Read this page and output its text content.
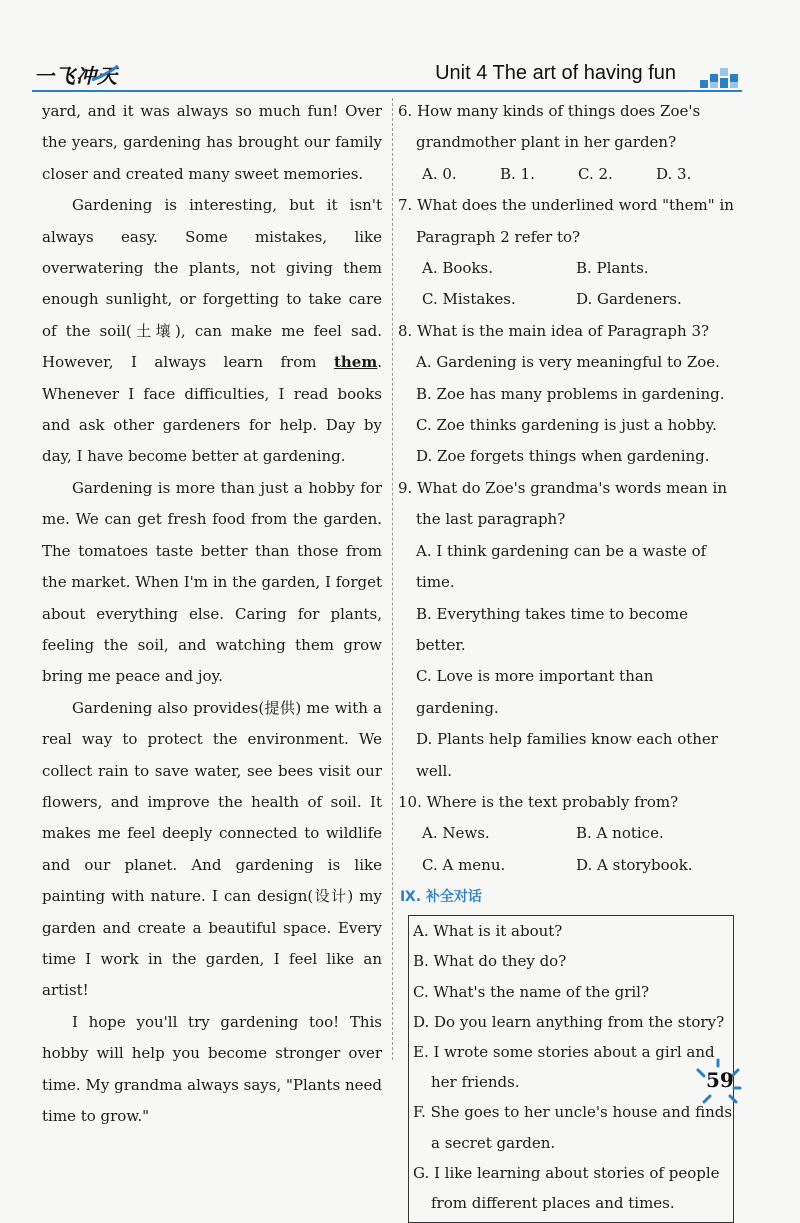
一飞冲天	Unit 4 The art of having fun

yard, and it was always so much fun! Over the years, gardening has brought our family closer and created many sweet memories.

Gardening is interesting, but it isn't always easy. Some mistakes, like overwatering the plants, not giving them enough sunlight, or forgetting to take care of the soil(土壤), can make me feel sad. However, I always learn from them. Whenever I face difficulties, I read books and ask other gardeners for help. Day by day, I have become better at gardening.

Gardening is more than just a hobby for me. We can get fresh food from the garden. The tomatoes taste better than those from the market. When I'm in the garden, I forget about everything else. Caring for plants, feeling the soil, and watching them grow bring me peace and joy.

Gardening also provides(提供) me with a real way to protect the environment. We collect rain to save water, see bees visit our flowers, and improve the health of soil. It makes me feel deeply connected to wildlife and our planet. And gardening is like painting with nature. I can design(设计) my garden and create a beautiful space. Every time I work in the garden, I feel like an artist!

I hope you'll try gardening too! This hobby will help you become stronger over time. My grandma always says, "Plants need time to grow."

6. How many kinds of things does Zoe's grandmother plant in her garden?

A. 0.	B. 1.	C. 2.	D. 3.

7. What does the underlined word "them" in Paragraph 2 refer to?

A. Books.	B. Plants.
C. Mistakes.	D. Gardeners.

8. What is the main idea of Paragraph 3?

A. Gardening is very meaningful to Zoe.

B. Zoe has many problems in gardening.

C. Zoe thinks gardening is just a hobby.

D. Zoe forgets things when gardening.

9. What do Zoe's grandma's words mean in the last paragraph?

A. I think gardening can be a waste of time.

B. Everything takes time to become better.

C. Love is more important than gardening.

D. Plants help families know each other well.

10. Where is the text probably from?

A. News.	B. A notice.
C. A menu.	D. A storybook.
Ⅸ. 补全对话

A. What is it about?

B. What do they do?

C. What's the name of the gril?

D. Do you learn anything from the story?

E. I wrote some stories about a girl and her friends.

F. She goes to her uncle's house and finds a secret garden.

G. I like learning about stories of people from different places and times.

59
